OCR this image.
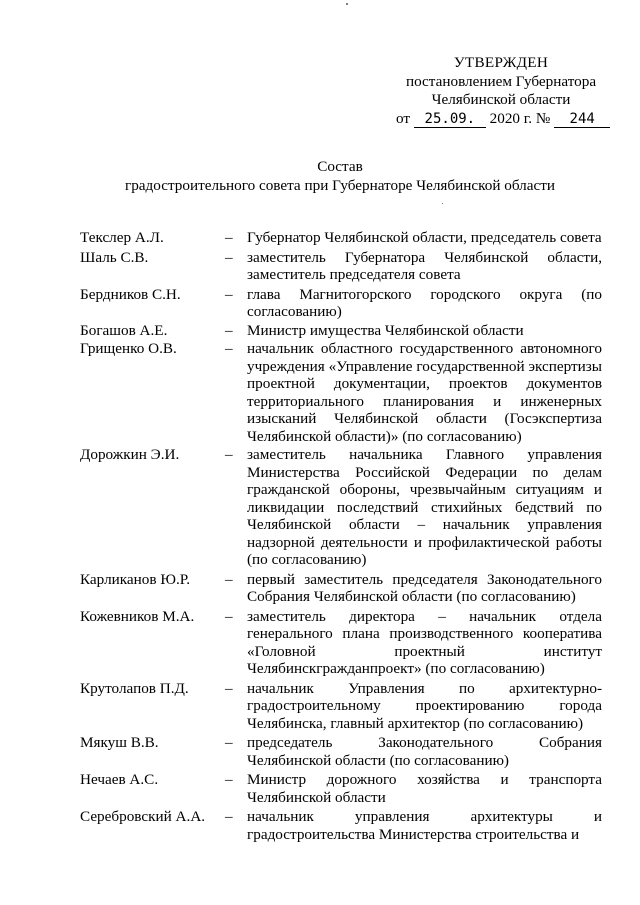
УТВЕРЖДЕН
постановлением Губернатора
Челябинской области
от 25.09. 2020 г. № 244
Состав
градостроительного совета при Губернаторе Челябинской области
Текслер А.Л.	– Губернатор Челябинской области, председатель совета
Шаль С.В.	– заместитель Губернатора Челябинской области, заместитель председателя совета
Бердников С.Н.	– глава Магнитогорского городского округа (по согласованию)
Богашов А.Е.	– Министр имущества Челябинской области
Грищенко О.В.	– начальник областного государственного автономного учреждения «Управление государственной экспертизы проектной документации, проектов документов территориального планирования и инженерных изысканий Челябинской области (Госэкспертиза Челябинской области)» (по согласованию)
Дорожкин Э.И.	– заместитель начальника Главного управления Министерства Российской Федерации по делам гражданской обороны, чрезвычайным ситуациям и ликвидации последствий стихийных бедствий по Челябинской области – начальник управления надзорной деятельности и профилактической работы (по согласованию)
Карликанов Ю.Р.	– первый заместитель председателя Законодательного Собрания Челябинской области (по согласованию)
Кожевников М.А.	– заместитель директора – начальник отдела генерального плана производственного кооператива «Головной проектный институт Челябинскгражданпроект» (по согласованию)
Крутолапов П.Д.	– начальник Управления по архитектурно-градостроительному проектированию города Челябинска, главный архитектор (по согласованию)
Мякуш В.В.	– председатель Законодательного Собрания Челябинской области (по согласованию)
Нечаев А.С.	– Министр дорожного хозяйства и транспорта Челябинской области
Серебровский А.А.	– начальник управления архитектуры и градостроительства Министерства строительства и
